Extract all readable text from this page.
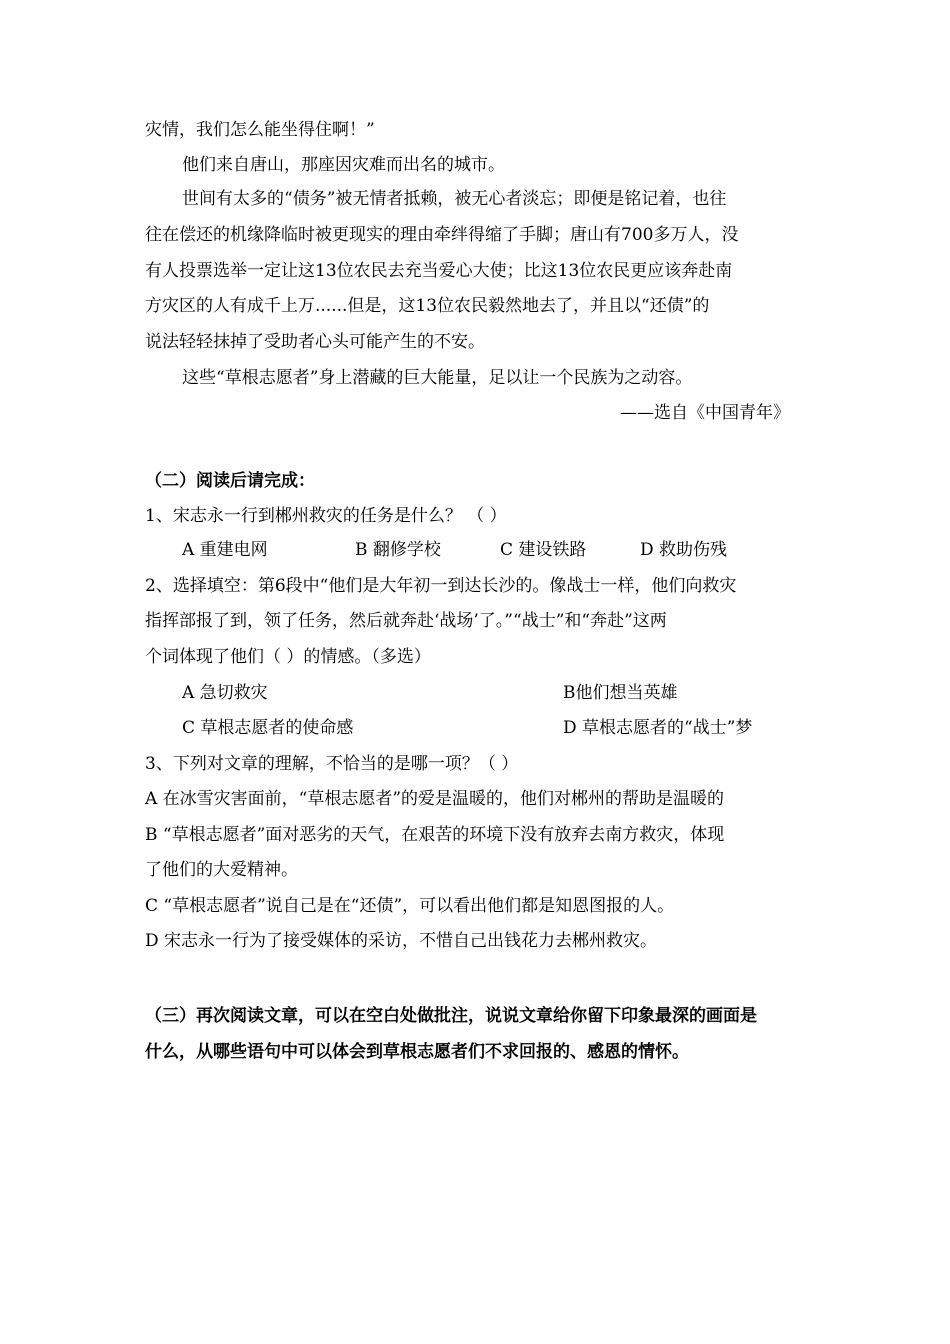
灾情，我们怎么能坐得住啊！”
他们来自唐山，那座因灾难而出名的城市。
世间有太多的“债务”被无情者抵赖，被无心者淡忘；即便是铭记着，也往
往在偿还的机缘降临时被更现实的理由牵绊得缩了手脚；唐山有700多万人，没
有人投票选举一定让这13位农民去充当爱心大使；比这13位农民更应该奔赴南
方灾区的人有成千上万......但是，这13位农民毅然地去了，并且以“还债”的
说法轻轻抹掉了受助者心头可能产生的不安。
这些“草根志愿者”身上潜藏的巨大能量，足以让一个民族为之动容。
——选自《中国青年》
（二）阅读后请完成：
1、宋志永一行到郴州救灾的任务是什么？ （ ）
A 重建电网	B 翻修学校	C 建设铁路	D 救助伤残
2、选择填空：第6段中“他们是大年初一到达长沙的。像战士一样，他们向救灾
指挥部报了到，领了任务，然后就奔赴‘战场’了。”“战士”和“奔赴”这两
个词体现了他们（ ）的情感。（多选）
A 急切救灾	B他们想当英雄
C 草根志愿者的使命感	D 草根志愿者的“战士”梦
3、下列对文章的理解，不恰当的是哪一项？（ ）
A 在冰雪灾害面前，“草根志愿者”的爱是温暖的，他们对郴州的帮助是温暖的
B “草根志愿者”面对恶劣的天气，在艰苦的环境下没有放弃去南方救灾，体现
了他们的大爱精神。
C “草根志愿者”说自己是在“还债”，可以看出他们都是知恩图报的人。
D 宋志永一行为了接受媒体的采访，不惜自己出钱花力去郴州救灾。
（三）再次阅读文章，可以在空白处做批注，说说文章给你留下印象最深的画面是
什么，从哪些语句中可以体会到草根志愿者们不求回报的、感恩的情怀。
